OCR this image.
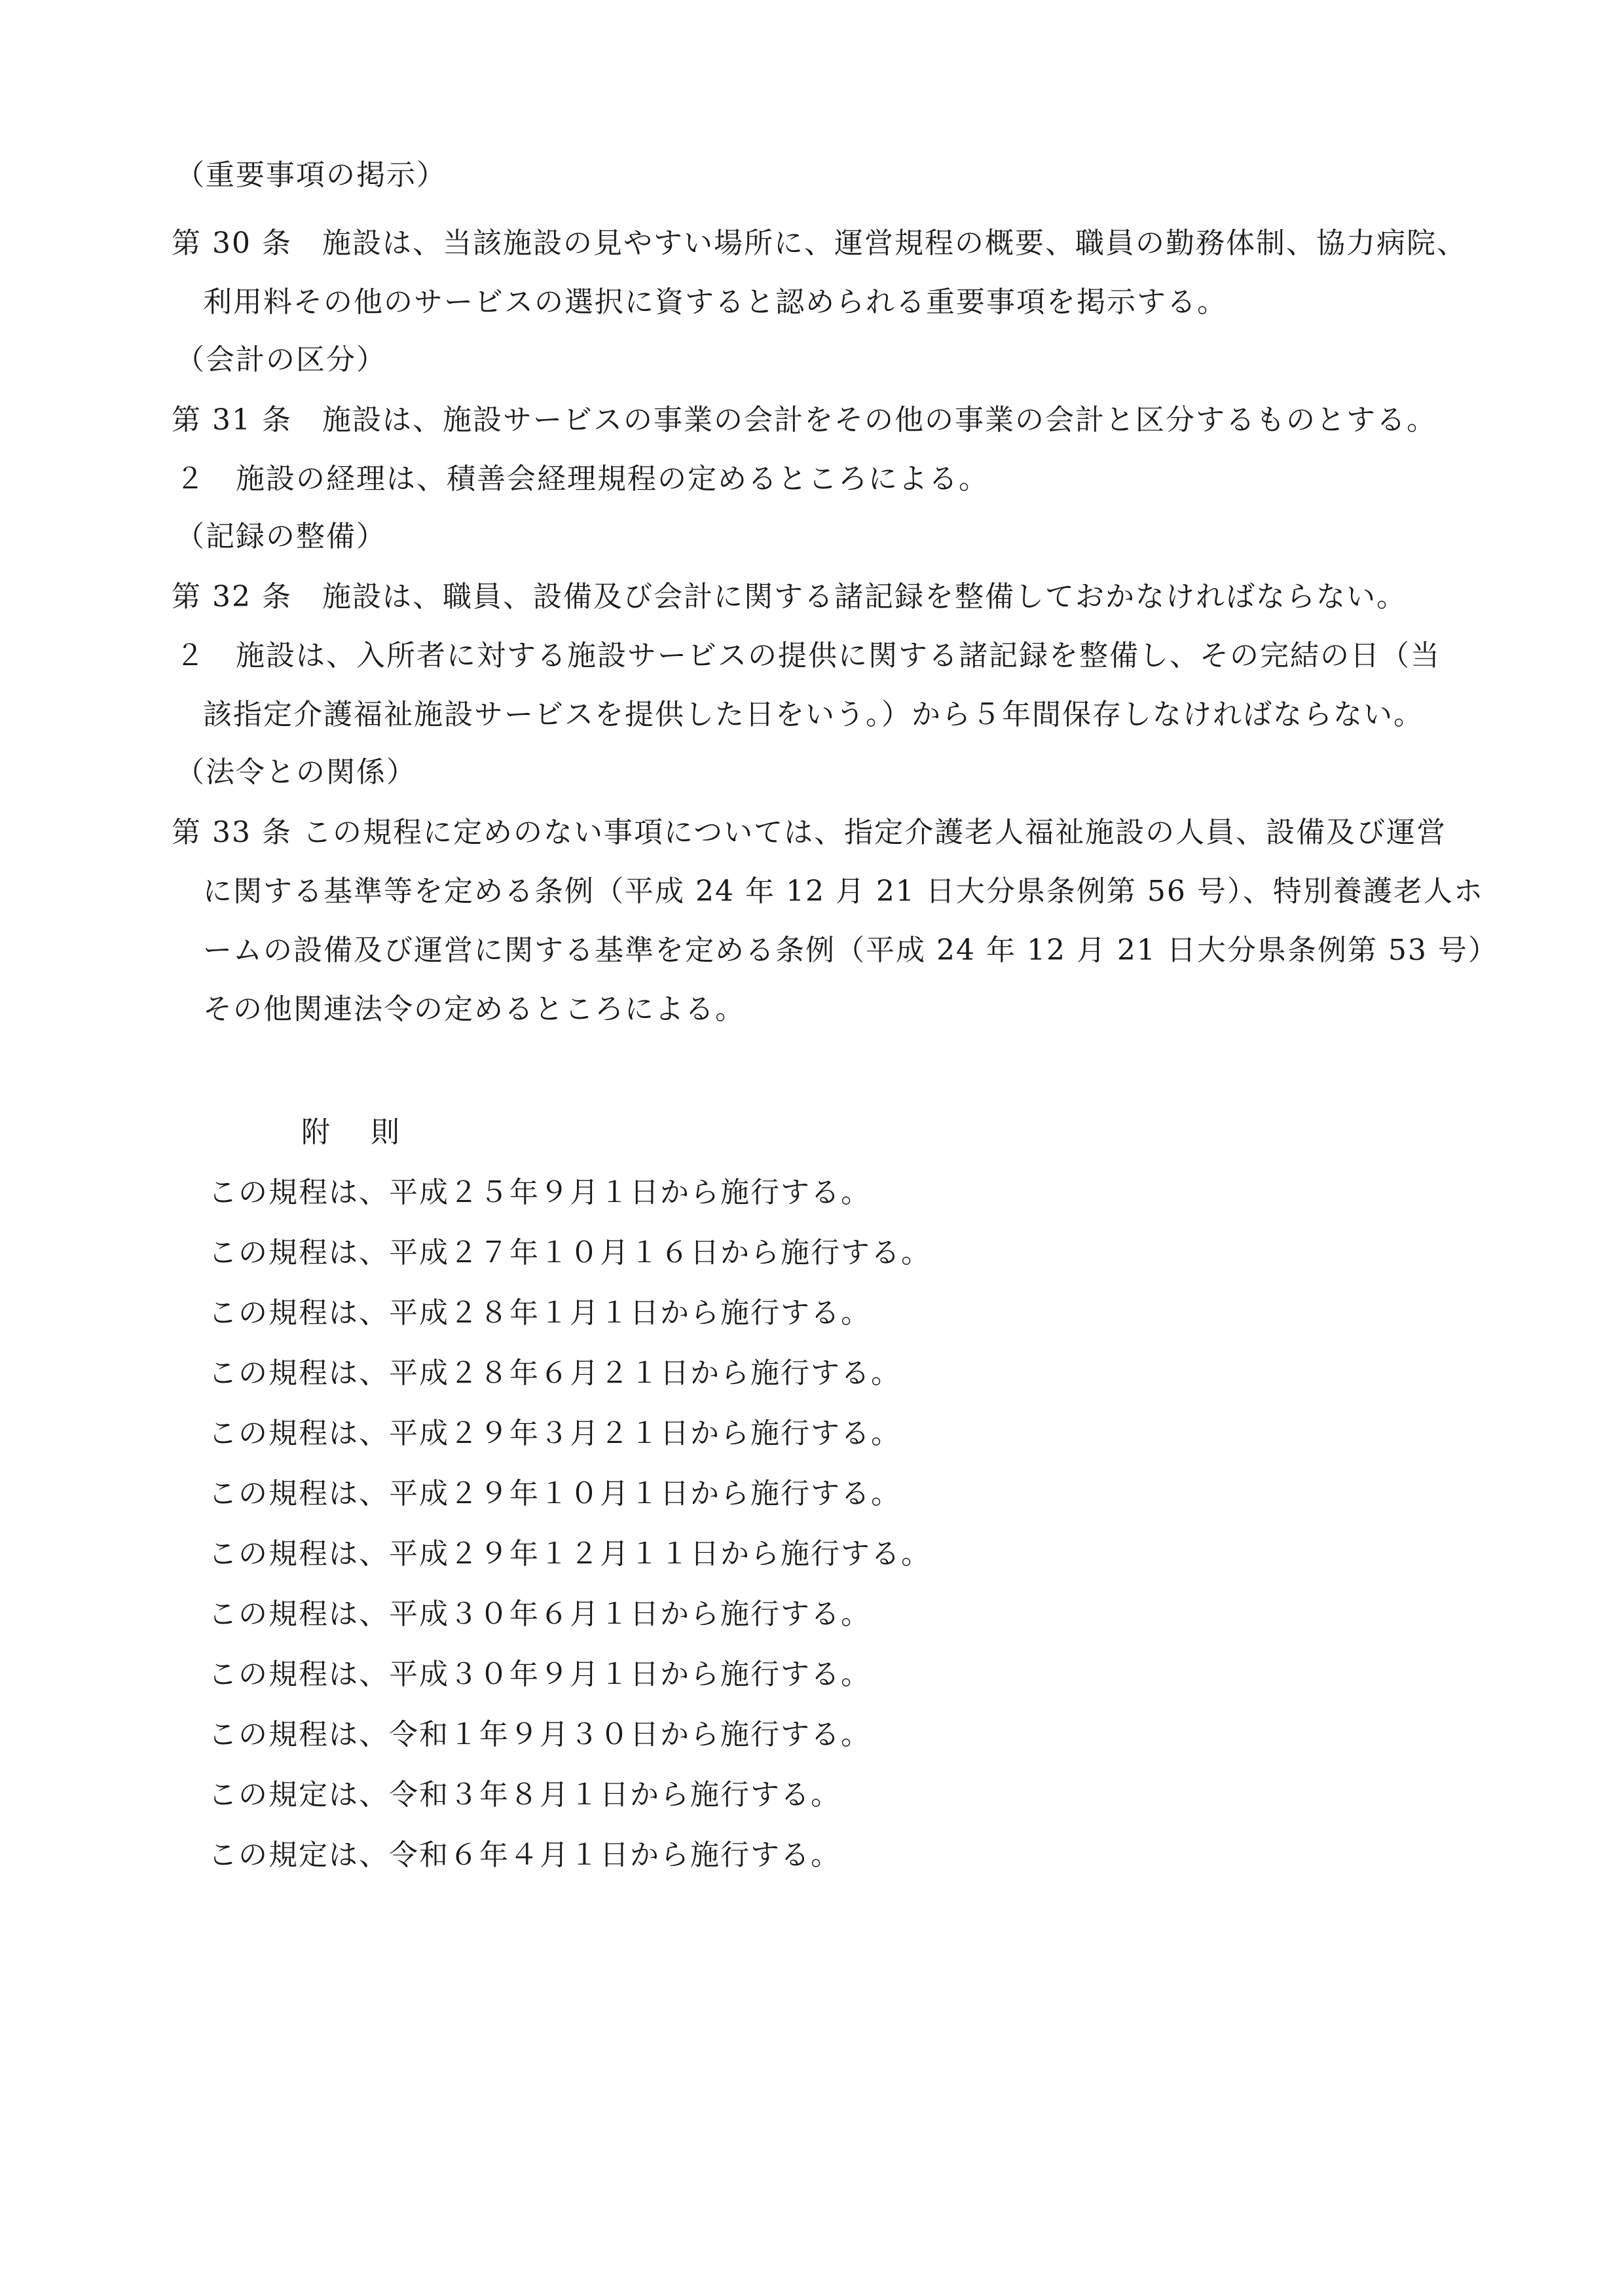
（重要事項の掲示）
第 30 条　施設は、当該施設の見やすい場所に、運営規程の概要、職員の勤務体制、協力病院、
利用料その他のサービスの選択に資すると認められる重要事項を掲示する。
（会計の区分）
第 31 条　施設は、施設サービスの事業の会計をその他の事業の会計と区分するものとする。
２　施設の経理は、積善会経理規程の定めるところによる。
（記録の整備）
第 32 条　施設は、職員、設備及び会計に関する諸記録を整備しておかなければならない。
２　施設は、入所者に対する施設サービスの提供に関する諸記録を整備し、その完結の日（当
該指定介護福祉施設サービスを提供した日をいう。）から５年間保存しなければならない。
（法令との関係）
第 33 条 この規程に定めのない事項については、指定介護老人福祉施設の人員、設備及び運営
に関する基準等を定める条例（平成 24 年 12 月 21 日大分県条例第 56 号）、特別養護老人ホ
ームの設備及び運営に関する基準を定める条例（平成 24 年 12 月 21 日大分県条例第 53 号）
その他関連法令の定めるところによる。
附 則
この規程は、平成２５年９月１日から施行する。
この規程は、平成２７年１０月１６日から施行する。
この規程は、平成２８年１月１日から施行する。
この規程は、平成２８年６月２１日から施行する。
この規程は、平成２９年３月２１日から施行する。
この規程は、平成２９年１０月１日から施行する。
この規程は、平成２９年１２月１１日から施行する。
この規程は、平成３０年６月１日から施行する。
この規程は、平成３０年９月１日から施行する。
この規程は、令和１年９月３０日から施行する。
この規定は、令和３年８月１日から施行する。
この規定は、令和６年４月１日から施行する。
